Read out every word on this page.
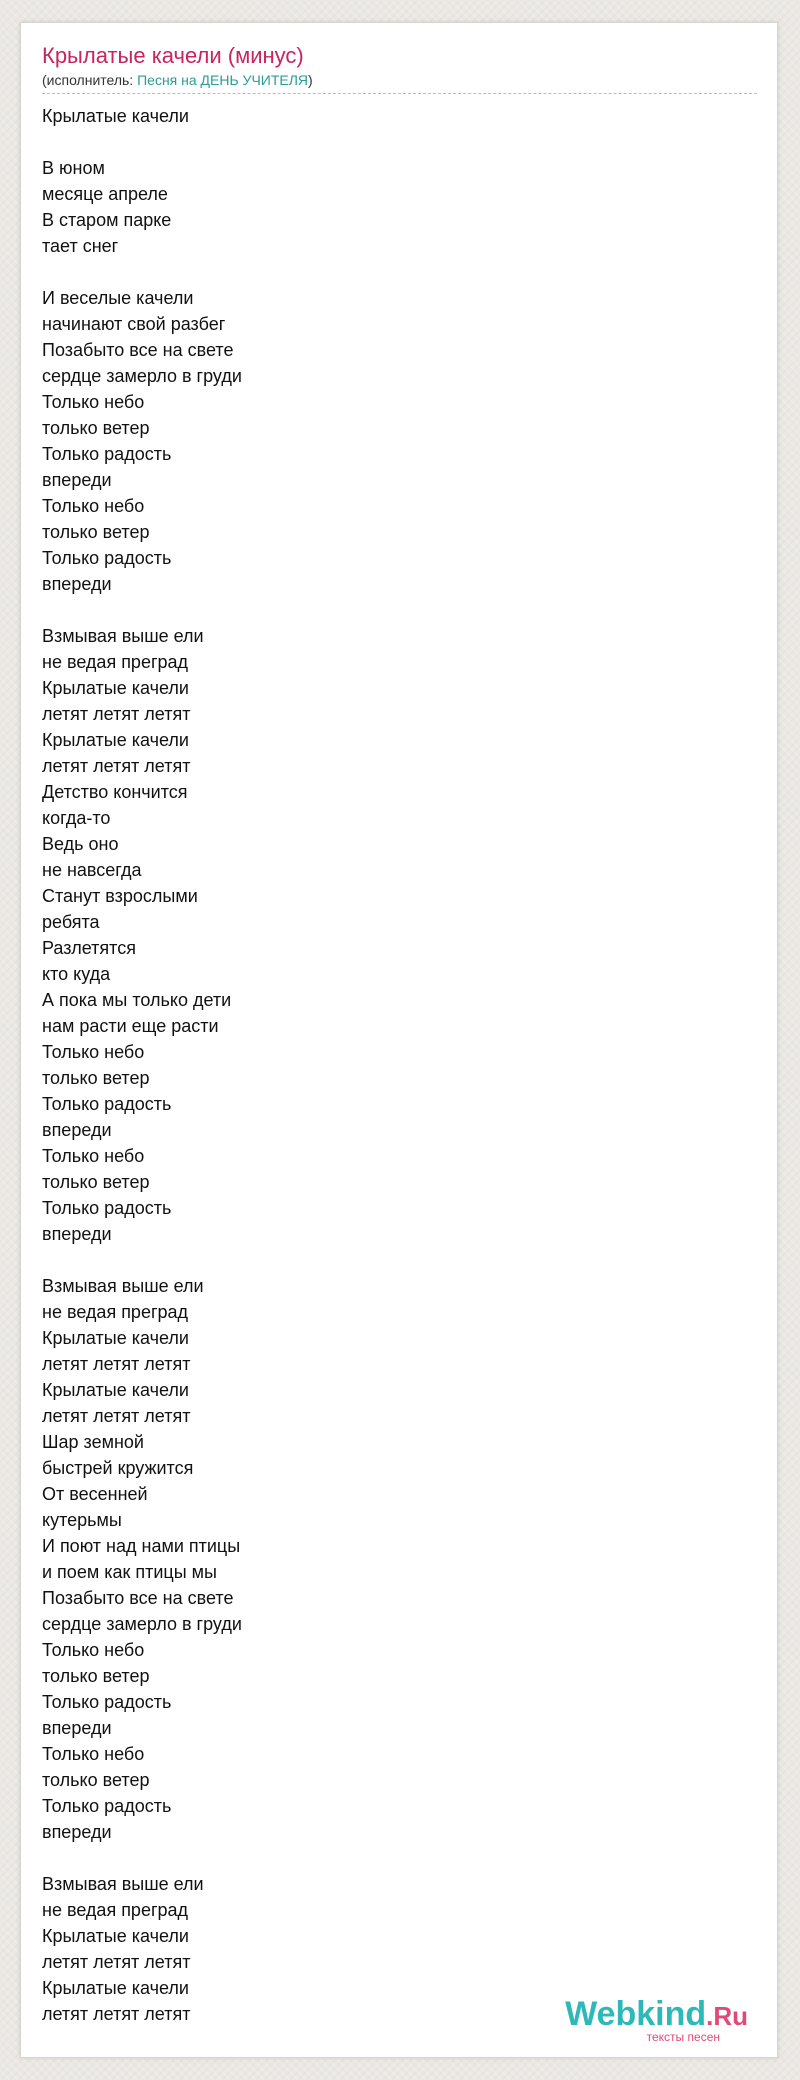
Крылатые качели (минус)

(исполнитель: Песня на ДЕНЬ УЧИТЕЛЯ)

Крылатые качели
В юном
месяце апреле
В старом парке
тает снег
И веселые качели
начинают свой разбег
Позабыто все на свете
сердце замерло в груди
Только небо
только ветер
Только радость
впереди
Только небо
только ветер
Только радость
впереди
Взмывая выше ели
не ведая преград
Крылатые качели
летят летят летят
Крылатые качели
летят летят летят
Детство кончится
когда-то
Ведь оно
не навсегда
Станут взрослыми
ребята
Разлетятся
кто куда
А пока мы только дети
нам расти еще расти
Только небо
только ветер
Только радость
впереди
Только небо
только ветер
Только радость
впереди
Взмывая выше ели
не ведая преград
Крылатые качели
летят летят летят
Крылатые качели
летят летят летят
Шар земной
быстрей кружится
От весенней
кутерьмы
И поют над нами птицы
и поем как птицы мы
Позабыто все на свете
сердце замерло в груди
Только небо
только ветер
Только радость
впереди
Только небо
только ветер
Только радость
впереди
Взмывая выше ели
не ведая преград
Крылатые качели
летят летят летят
Крылатые качели
летят летят летят	Webkind.Ru
тексты песен
